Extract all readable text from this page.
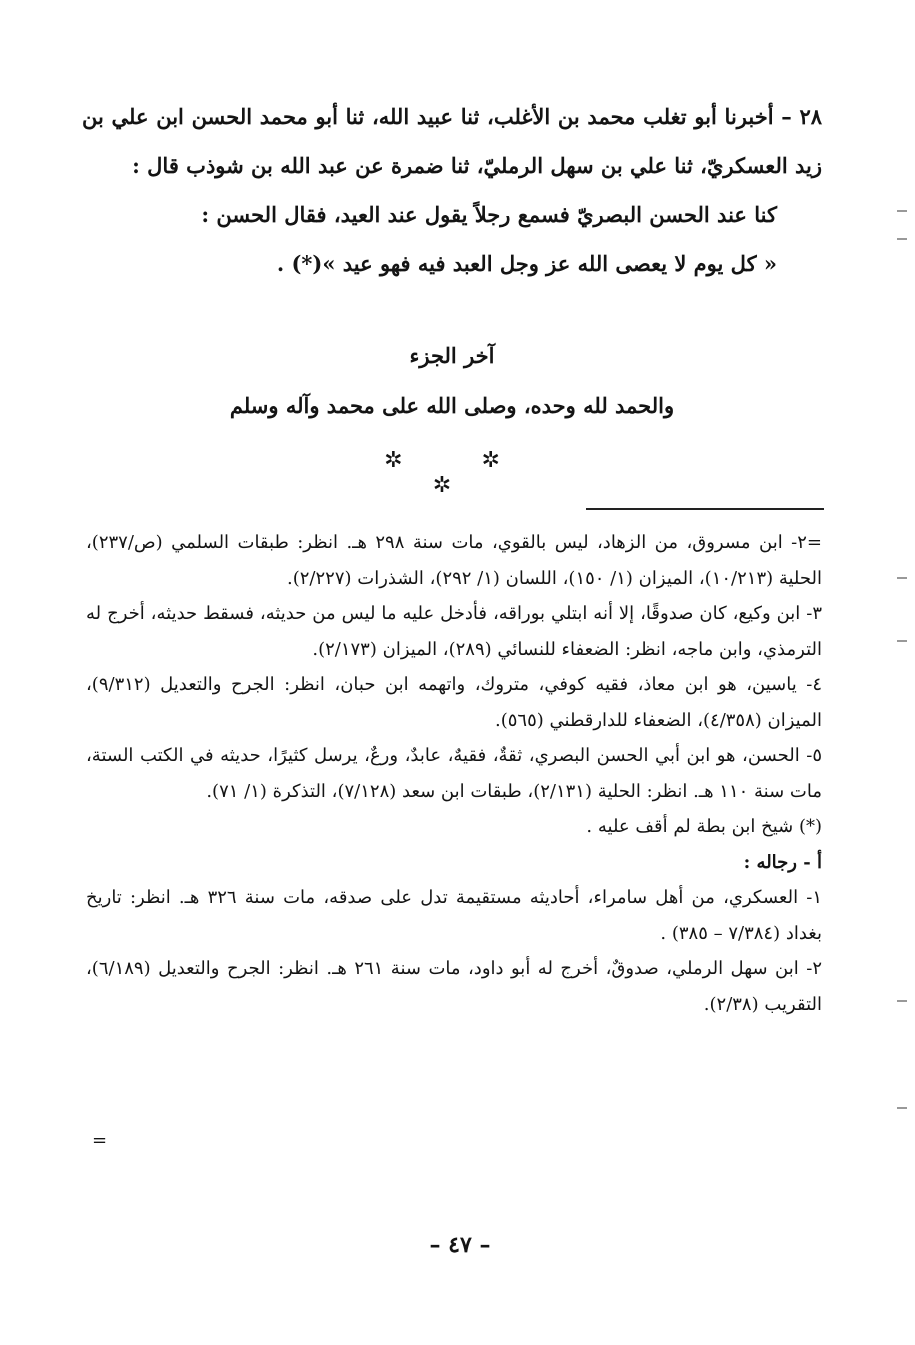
٢٨ – أخبرنا أبو تغلب محمد بن الأغلب، ثنا عبيد الله، ثنا أبو محمد الحسن ابن علي بن زيد العسكريّ، ثنا علي بن سهل الرمليّ، ثنا ضمرة عن عبد الله بن شوذب قال :

كنا عند الحسن البصريّ فسمع رجلاً يقول عند العيد، فقال الحسن :

« كل يوم لا يعصى الله عز وجل العبد فيه فهو عيد »(*) .

آخر الجزء
والحمد لله وحده، وصلى الله على محمد وآله وسلم
✲ ✲ ✲

=٢- ابن مسروق، من الزهاد، ليس بالقوي، مات سنة ٢٩٨ هـ. انظر: طبقات السلمي (ص/٢٣٧)، الحلية (١٠/٢١٣)، الميزان (١/ ١٥٠)، اللسان (١/ ٢٩٢)، الشذرات (٢/٢٢٧).

٣- ابن وكيع، كان صدوقًا، إلا أنه ابتلي بوراقه، فأدخل عليه ما ليس من حديثه، فسقط حديثه، أخرج له الترمذي، وابن ماجه، انظر: الضعفاء للنسائي (٢٨٩)، الميزان (٢/١٧٣).

٤- ياسين، هو ابن معاذ، فقيه كوفي، متروك، واتهمه ابن حبان، انظر: الجرح والتعديل (٩/٣١٢)، الميزان (٤/٣٥٨)، الضعفاء للدارقطني (٥٦٥).

٥- الحسن، هو ابن أبي الحسن البصري، ثقةٌ، فقيهٌ، عابدٌ، ورعٌ، يرسل كثيرًا، حديثه في الكتب الستة، مات سنة ١١٠ هـ. انظر: الحلية (٢/١٣١)، طبقات ابن سعد (٧/١٢٨)، التذكرة (١/ ٧١).

(*) شيخ ابن بطة لم أقف عليه .

أ - رجاله :

١- العسكري، من أهل سامراء، أحاديثه مستقيمة تدل على صدقه، مات سنة ٣٢٦ هـ. انظر: تاريخ بغداد (٧/٣٨٤ – ٣٨٥) .

٢- ابن سهل الرملي، صدوقٌ، أخرج له أبو داود، مات سنة ٢٦١ هـ. انظر: الجرح والتعديل (٦/١٨٩)، التقريب (٢/٣٨).

=
– ٤٧ –
